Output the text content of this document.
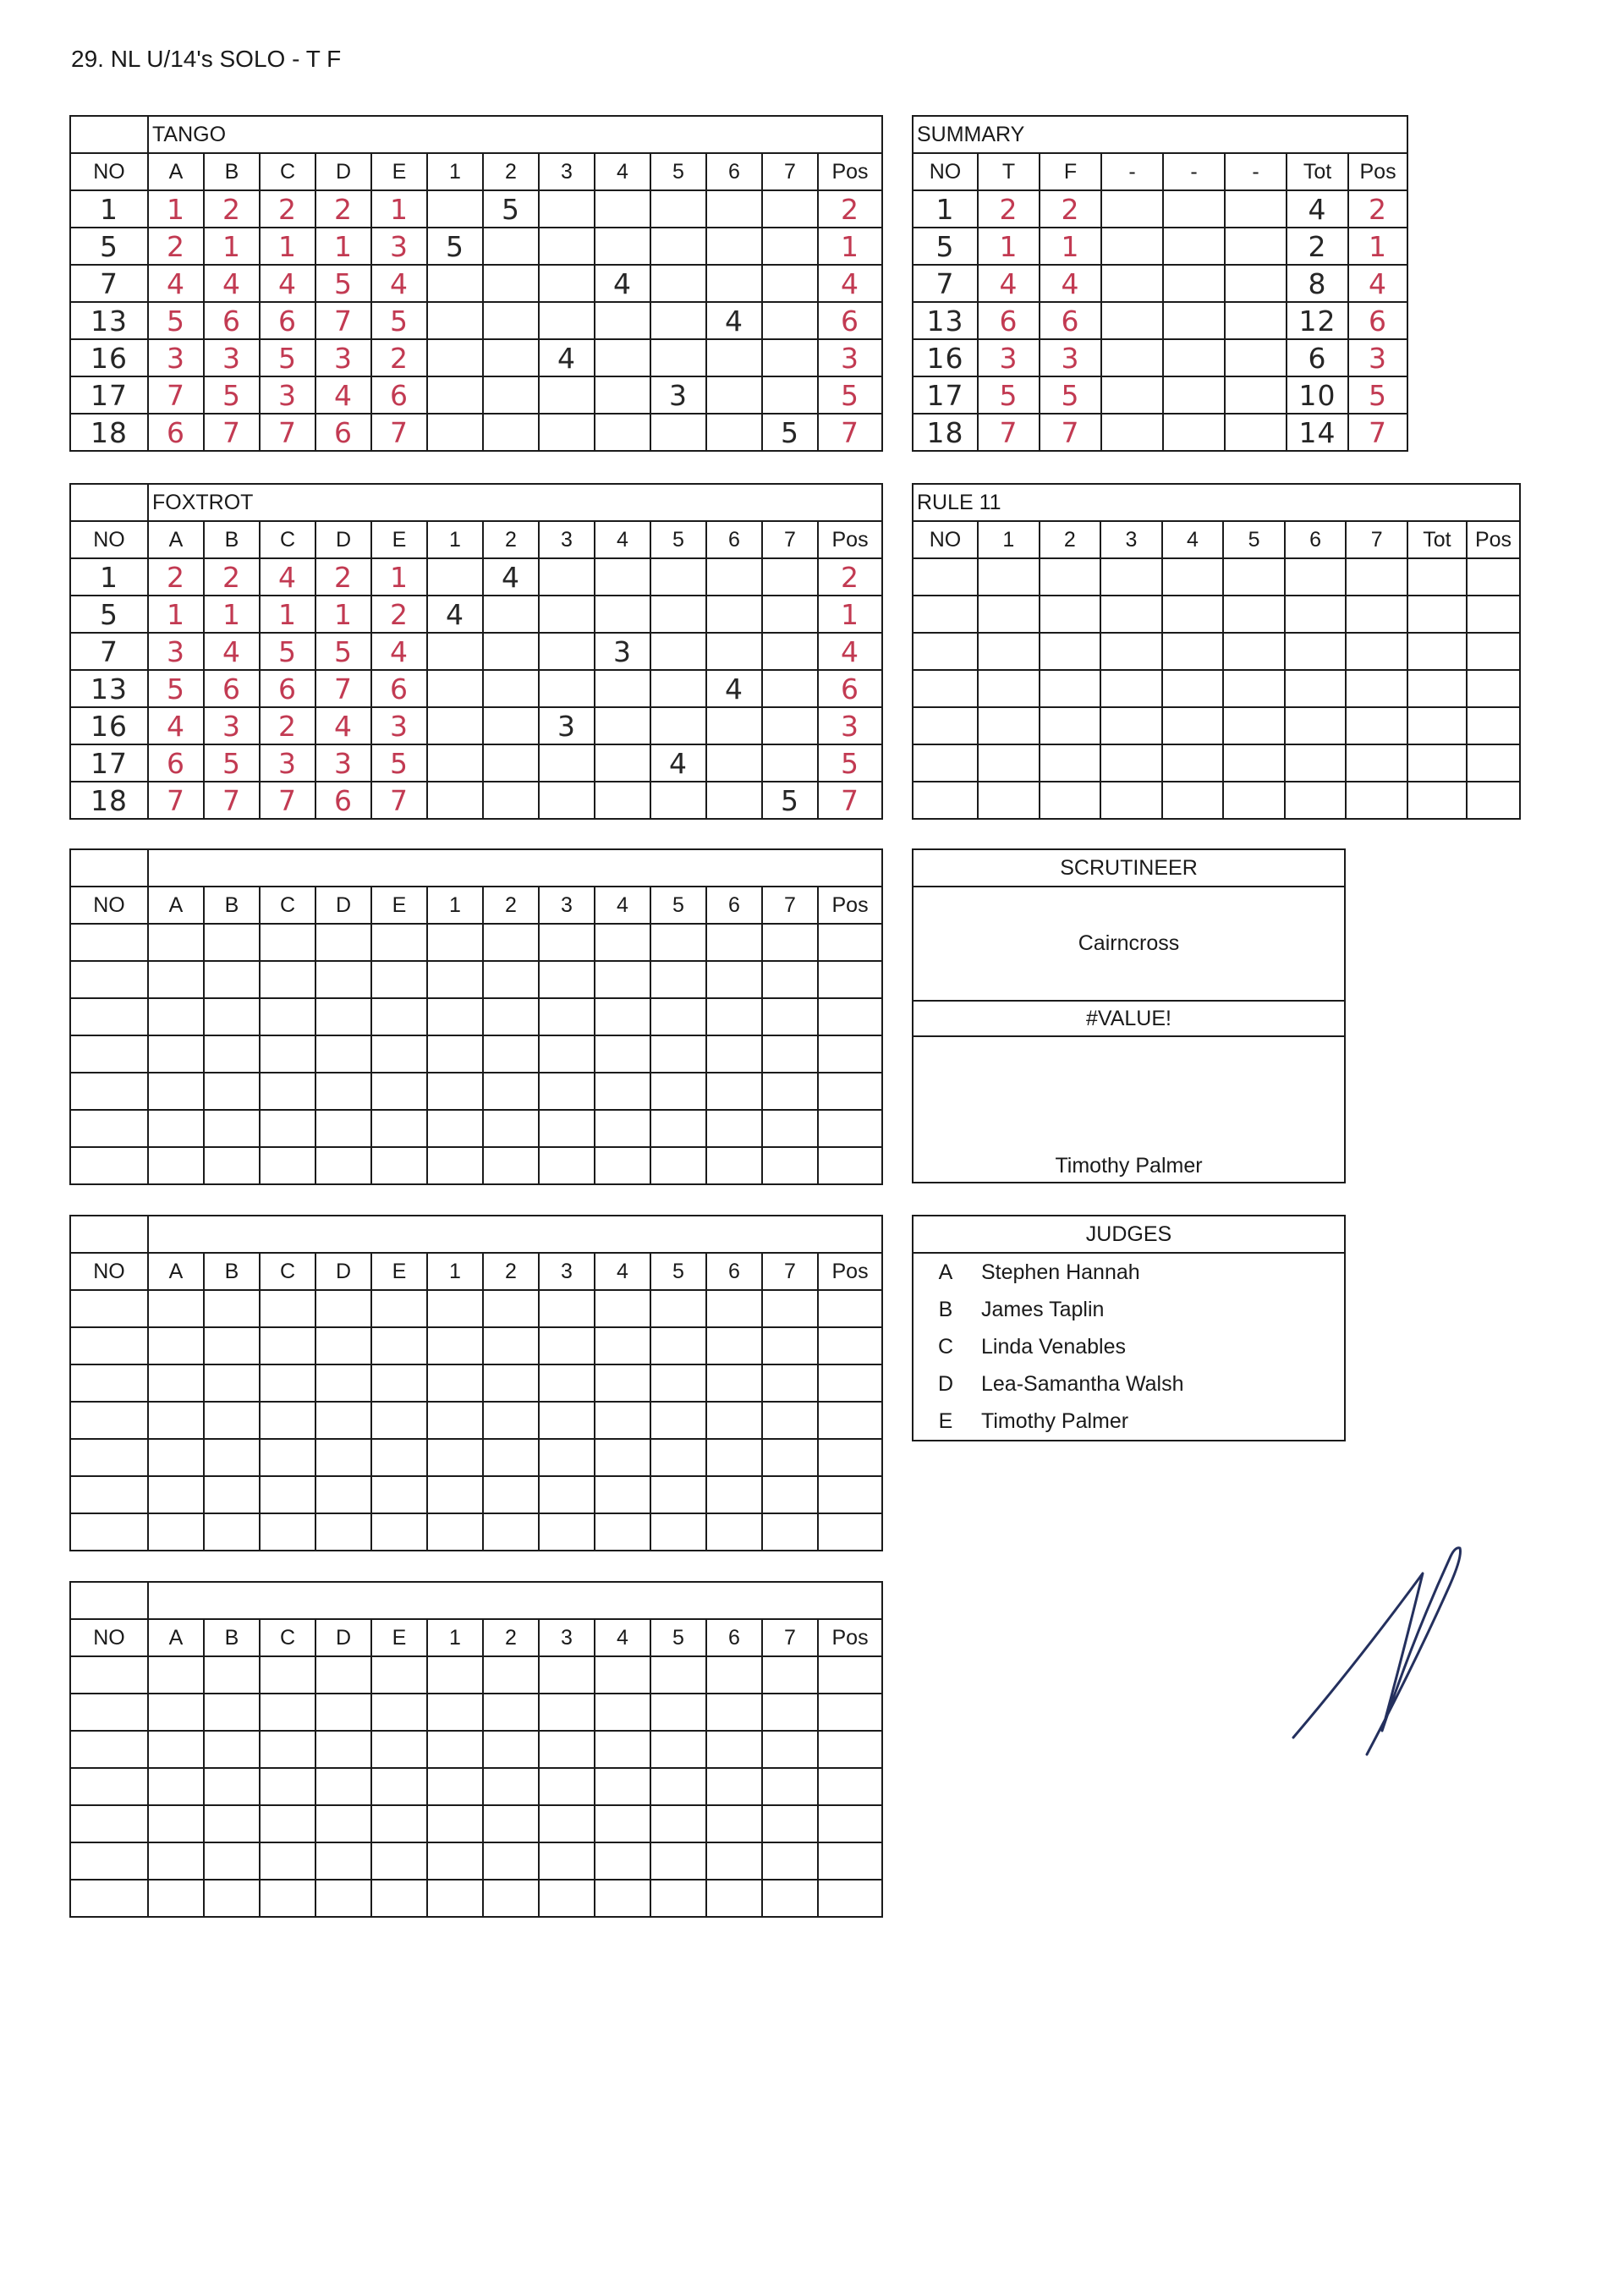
29. NL U/14's SOLO - T F
	TANGO												
NO	A	B	C	D	E	1	2	3	4	5	6	7	Pos
1	1	2	2	2	1		5						2
5	2	1	1	1	3	5							1
7	4	4	4	5	4				4				4
13	5	6	6	7	5						4		6
16	3	3	5	3	2			4					3
17	7	5	3	4	6					3			5
18	6	7	7	6	7							5	7
	FOXTROT												
NO	A	B	C	D	E	1	2	3	4	5	6	7	Pos
1	2	2	4	2	1		4						2
5	1	1	1	1	2	4							1
7	3	4	5	5	4				3				4
13	5	6	6	7	6						4		6
16	4	3	2	4	3			3					3
17	6	5	3	3	5					4			5
18	7	7	7	6	7							5	7

NO	A	B	C	D	E	1	2	3	4	5	6	7	Pos

NO	A	B	C	D	E	1	2	3	4	5	6	7	Pos

NO	A	B	C	D	E	1	2	3	4	5	6	7	Pos

SUMMARY							
NO	T	F	-	-	-	Tot	Pos
1	2	2				4	2
5	1	1				2	1
7	4	4				8	4
13	6	6				12	6
16	3	3				6	3
17	5	5				10	5
18	7	7				14	7
RULE 11									
NO	1	2	3	4	5	6	7	Tot	Pos

SCRUTINEER
Cairncross
#VALUE!
Timothy Palmer
JUDGES
A	Stephen Hannah
B	James Taplin
C	Linda Venables
D	Lea-Samantha Walsh
E	Timothy Palmer
